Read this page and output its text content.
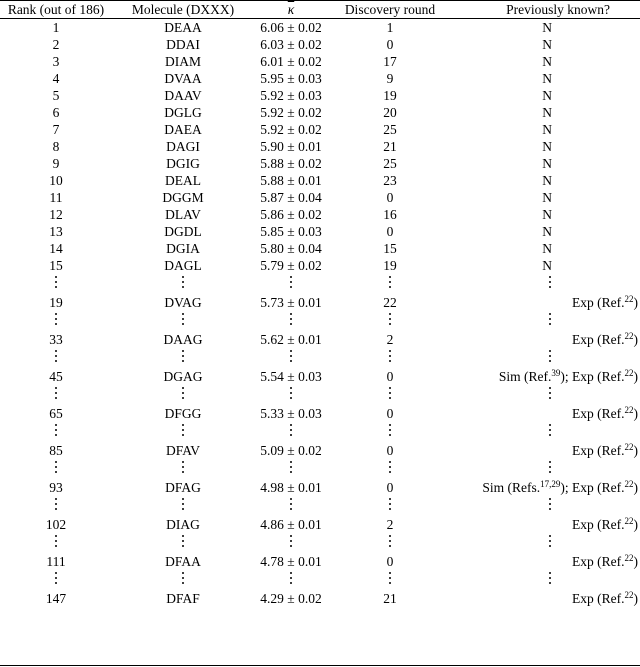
Rank (out of 186)	Molecule (DXXX)	$\overline{\kappa}$	Discovery round	Previously known?
1	DEAA	6.06 ± 0.02	1	N
2	DDAI	6.03 ± 0.02	0	N
3	DIAM	6.01 ± 0.02	17	N
4	DVAA	5.95 ± 0.03	9	N
5	DAAV	5.92 ± 0.03	19	N
6	DGLG	5.92 ± 0.02	20	N
7	DAEA	5.92 ± 0.02	25	N
8	DAGI	5.90 ± 0.01	21	N
9	DGIG	5.88 ± 0.02	25	N
10	DEAL	5.88 ± 0.01	23	N
11	DGGM	5.87 ± 0.04	0	N
12	DLAV	5.86 ± 0.02	16	N
13	DGDL	5.85 ± 0.03	0	N
14	DGIA	5.80 ± 0.04	15	N
15	DAGL	5.79 ± 0.02	19	N
19	DVAG	5.73 ± 0.01	22	Exp (Ref.$^{22}$)
33	DAAG	5.62 ± 0.01	2	Exp (Ref.$^{22}$)
45	DGAG	5.54 ± 0.03	0	Sim (Ref.$^{39}$); Exp (Ref.$^{22}$)
65	DFGG	5.33 ± 0.03	0	Exp (Ref.$^{22}$)
85	DFAV	5.09 ± 0.02	0	Exp (Ref.$^{22}$)
93	DFAG	4.98 ± 0.01	0	Sim (Refs.$^{17,29}$); Exp (Ref.$^{22}$)
102	DIAG	4.86 ± 0.01	2	Exp (Ref.$^{22}$)
111	DFAA	4.78 ± 0.01	0	Exp (Ref.$^{22}$)
147	DFAF	4.29 ± 0.02	21	Exp (Ref.$^{22}$)
